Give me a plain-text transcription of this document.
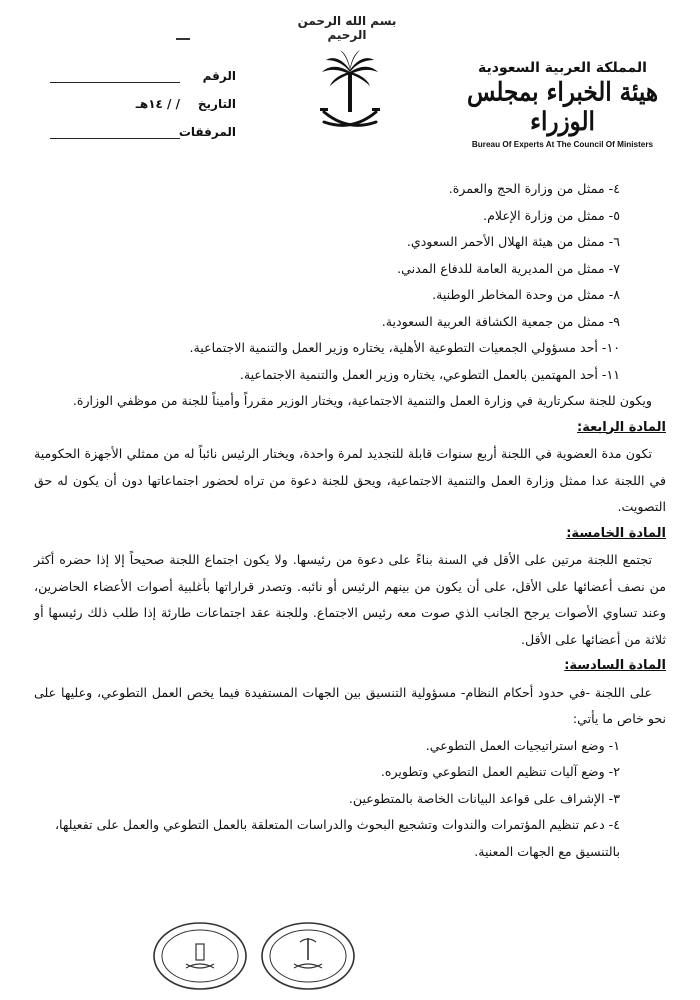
بسم الله الرحمن الرحيم
الرقم
التاريخ
/ / ١٤هـ
المرفقات
المملكة العربية السعودية
هيئة الخبراء بمجلس الوزراء
Bureau Of Experts At The Council Of Ministers
٤- ممثل من وزارة الحج والعمرة.
٥- ممثل من وزارة الإعلام.
٦- ممثل من هيئة الهلال الأحمر السعودي.
٧- ممثل من المديرية العامة للدفاع المدني.
٨- ممثل من وحدة المخاطر الوطنية.
٩- ممثل من جمعية الكشافة العربية السعودية.
١٠- أحد مسؤولي الجمعيات التطوعية الأهلية، يختاره وزير العمل والتنمية الاجتماعية.
١١- أحد المهتمين بالعمل التطوعي، يختاره وزير العمل والتنمية الاجتماعية.
ويكون للجنة سكرتارية في وزارة العمل والتنمية الاجتماعية، ويختار الوزير مقرراً وأميناً للجنة من موظفي الوزارة.
المادة الرابعة:
تكون مدة العضوية في اللجنة أربع سنوات قابلة للتجديد لمرة واحدة، ويختار الرئيس نائباً له من ممثلي الأجهزة الحكومية في اللجنة عدا ممثل وزارة العمل والتنمية الاجتماعية، ويحق للجنة دعوة من تراه لحضور اجتماعاتها دون أن يكون له حق التصويت.
المادة الخامسة:
تجتمع اللجنة مرتين على الأقل في السنة بناءً على دعوة من رئيسها. ولا يكون اجتماع اللجنة صحيحاً إلا إذا حضره أكثر من نصف أعضائها على الأقل، على أن يكون من بينهم الرئيس أو نائبه. وتصدر قراراتها بأغلبية أصوات الأعضاء الحاضرين، وعند تساوي الأصوات يرجح الجانب الذي صوت معه رئيس الاجتماع. وللجنة عقد اجتماعات طارئة إذا طلب ذلك رئيسها أو ثلاثة من أعضائها على الأقل.
المادة السادسة:
على اللجنة -في حدود أحكام النظام- مسؤولية التنسيق بين الجهات المستفيدة فيما يخص العمل التطوعي، وعليها على نحو خاص ما يأتي:
١- وضع استراتيجيات العمل التطوعي.
٢- وضع آليات تنظيم العمل التطوعي وتطويره.
٣- الإشراف على قواعد البيانات الخاصة بالمتطوعين.
٤- دعم تنظيم المؤتمرات والندوات وتشجيع البحوث والدراسات المتعلقة بالعمل التطوعي والعمل على تفعيلها، بالتنسيق مع الجهات المعنية.
